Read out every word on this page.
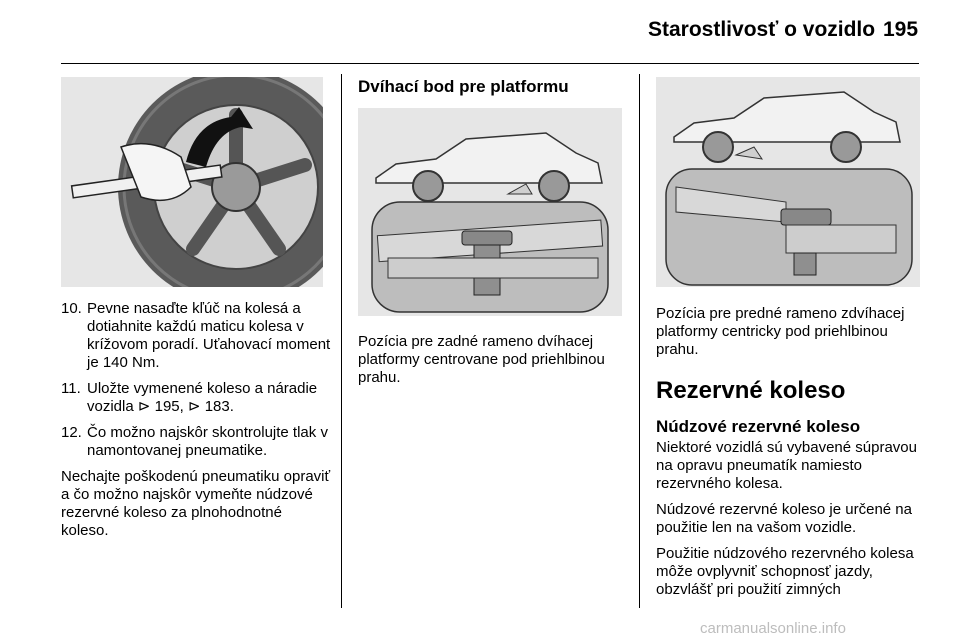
Starostlivosť o vozidlo 195
10. Pevne nasaďte kľúč na kolesá a dotiahnite každú maticu kolesa v krížovom poradí. Uťahovací moment je 140 Nm.
11. Uložte vymenené koleso a náradie vozidla ⊳ 195, ⊳ 183.
12. Čo možno najskôr skontrolujte tlak v namontovanej pneumatike.

Nechajte poškodenú pneumatiku opraviť a čo možno najskôr vymeňte núdzové rezervné koleso za plnohodnotné koleso.

Dvíhací bod pre platformu

Pozícia pre zadné rameno dvíhacej platformy centrovane pod priehlbinou prahu.

Pozícia pre predné rameno zdvíhacej platformy centricky pod priehlbinou prahu.

Rezervné koleso
Núdzové rezervné koleso

Niektoré vozidlá sú vybavené súpravou na opravu pneumatík namiesto rezervného kolesa.

Núdzové rezervné koleso je určené na použitie len na vašom vozidle.

Použitie núdzového rezervného kolesa môže ovplyvniť schopnosť jazdy, obzvlášť pri použití zimných

carmanualsonline.info
